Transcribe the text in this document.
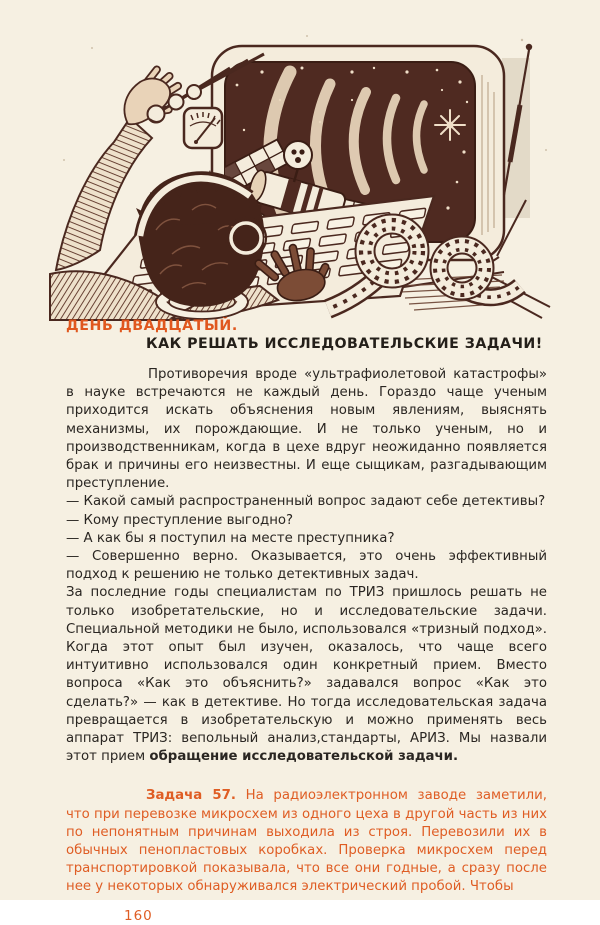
ДЕНЬ ДВАДЦАТЫЙ.
КАК РЕШАТЬ ИССЛЕДОВАТЕЛЬСКИЕ ЗАДАЧИ!

Противоречия вроде «ультрафиолетовой катастрофы» в науке встречаются не каждый день. Гораздо чаще ученым приходится искать объяснения новым явлениям, выяснять механизмы, их порождающие. И не только ученым, но и производственникам, когда в цехе вдруг неожиданно появляется брак и причины его неизвестны. И еще сыщикам, разгадывающим преступление.

— Какой самый распространенный вопрос задают себе детективы?
— Кому преступление выгодно?
— А как бы я поступил на месте преступника?
— Совершенно верно. Оказывается, это очень эффективный подход к решению не только детективных задач.

За последние годы специалистам по ТРИЗ пришлось решать не только изобретательские, но и исследовательские задачи. Специальной методики не было, использовался «тризный подход». Когда этот опыт был изучен, оказалось, что чаще всего интуитивно использовался один конкретный прием. Вместо вопроса «Как это объяснить?» задавался вопрос «Как это сделать?» — как в детективе. Но тогда исследовательская задача превращается в изобретательскую и можно применять весь аппарат ТРИЗ: вепольный анализ,стандарты, АРИЗ. Мы назвали этот прием обращение исследовательской задачи.

Задача 57. На радиоэлектронном заводе заметили, что при перевозке микросхем из одного цеха в другой часть из них по непонятным причинам выходила из строя. Перевозили их в обычных пенопластовых коробках. Проверка микросхем перед транспортировкой показывала, что все они годные, а сразу после нее у некоторых обнаруживался электрический пробой. Чтобы

160
